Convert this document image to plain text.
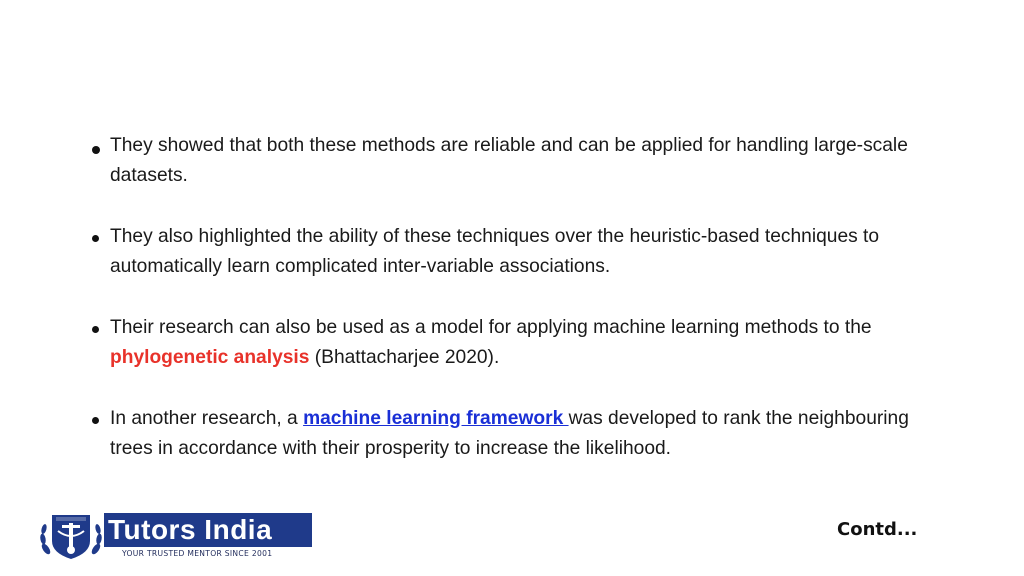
They showed that both these methods are reliable and can be applied for handling large-scale datasets.
They also highlighted the ability of these techniques over the heuristic-based techniques to automatically learn complicated inter-variable associations.
Their research can also be used as a model for applying machine learning methods to the phylogenetic analysis (Bhattacharjee 2020).
In another research, a machine learning framework was developed to rank the neighbouring trees in accordance with their prosperity to increase the likelihood.
Tutors India
YOUR TRUSTED MENTOR SINCE 2001
Contd...
